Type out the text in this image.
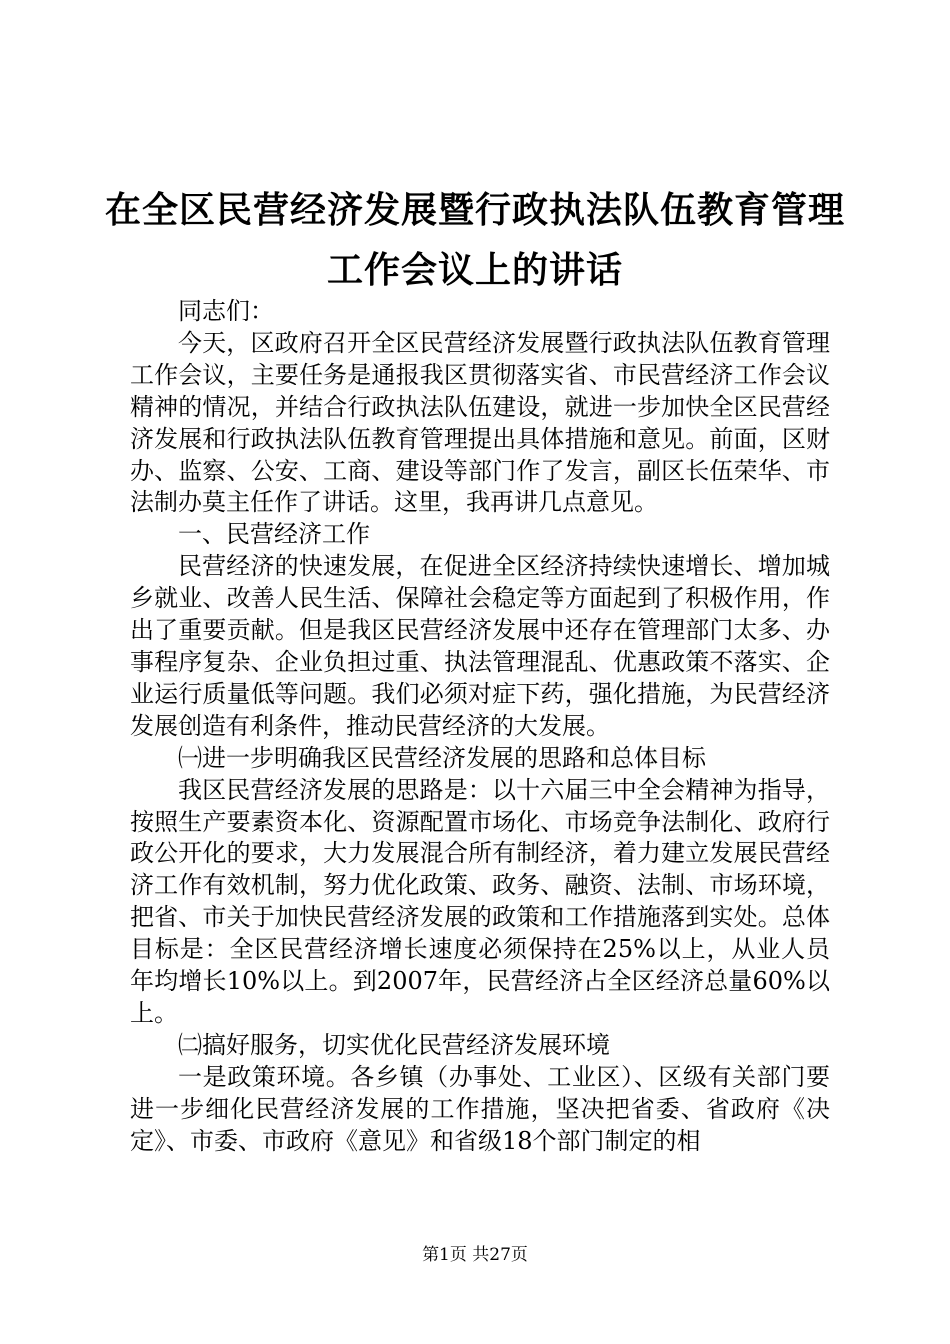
在全区民营经济发展暨行政执法队伍教育管理
工作会议上的讲话

同志们：

今天，区政府召开全区民营经济发展暨行政执法队伍教育管理工作会议，主要任务是通报我区贯彻落实省、市民营经济工作会议精神的情况，并结合行政执法队伍建设，就进一步加快全区民营经济发展和行政执法队伍教育管理提出具体措施和意见。前面，区财办、监察、公安、工商、建设等部门作了发言，副区长伍荣华、市法制办莫主任作了讲话。这里，我再讲几点意见。

一、民营经济工作

民营经济的快速发展，在促进全区经济持续快速增长、增加城乡就业、改善人民生活、保障社会稳定等方面起到了积极作用，作出了重要贡献。但是我区民营经济发展中还存在管理部门太多、办事程序复杂、企业负担过重、执法管理混乱、优惠政策不落实、企业运行质量低等问题。我们必须对症下药，强化措施，为民营经济发展创造有利条件，推动民营经济的大发展。

㈠进一步明确我区民营经济发展的思路和总体目标

我区民营经济发展的思路是：以十六届三中全会精神为指导，按照生产要素资本化、资源配置市场化、市场竞争法制化、政府行政公开化的要求，大力发展混合所有制经济，着力建立发展民营经济工作有效机制，努力优化政策、政务、融资、法制、市场环境，把省、市关于加快民营经济发展的政策和工作措施落到实处。总体目标是：全区民营经济增长速度必须保持在25%以上，从业人员年均增长10%以上。到2007年，民营经济占全区经济总量60%以上。

㈡搞好服务，切实优化民营经济发展环境

一是政策环境。各乡镇（办事处、工业区）、区级有关部门要进一步细化民营经济发展的工作措施，坚决把省委、省政府《决定》、市委、市政府《意见》和省级18个部门制定的相

第1页 共27页
